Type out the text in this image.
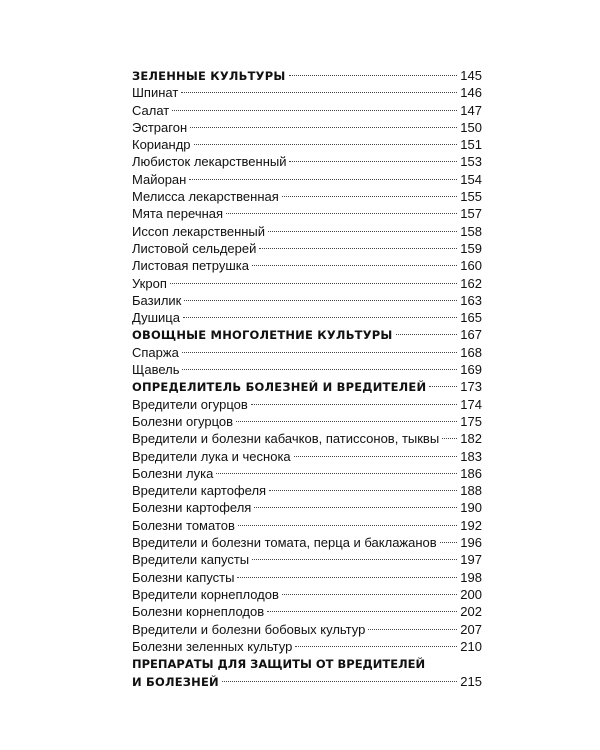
ЗЕЛЕННЫЕ КУЛЬТУРЫ	145
Шпинат	146
Салат	147
Эстрагон	150
Кориандр	151
Любисток лекарственный	153
Майоран	154
Мелисса лекарственная	155
Мята перечная	157
Иссоп лекарственный	158
Листовой сельдерей	159
Листовая петрушка	160
Укроп	162
Базилик	163
Душица	165
ОВОЩНЫЕ МНОГОЛЕТНИЕ КУЛЬТУРЫ	167
Спаржа	168
Щавель	169
ОПРЕДЕЛИТЕЛЬ БОЛЕЗНЕЙ И ВРЕДИТЕЛЕЙ	173
Вредители огурцов	174
Болезни огурцов	175
Вредители и болезни кабачков, патиссонов, тыквы 182
Вредители лука и чеснока	183
Болезни лука	186
Вредители картофеля	188
Болезни картофеля	190
Болезни томатов	192
Вредители и болезни томата, перца и баклажанов 196
Вредители капусты	197
Болезни капусты	198
Вредители корнеплодов	200
Болезни корнеплодов	202
Вредители и болезни бобовых культур	207
Болезни зеленных культур	210
ПРЕПАРАТЫ ДЛЯ ЗАЩИТЫ ОТ ВРЕДИТЕЛЕЙ
И БОЛЕЗНЕЙ	215
